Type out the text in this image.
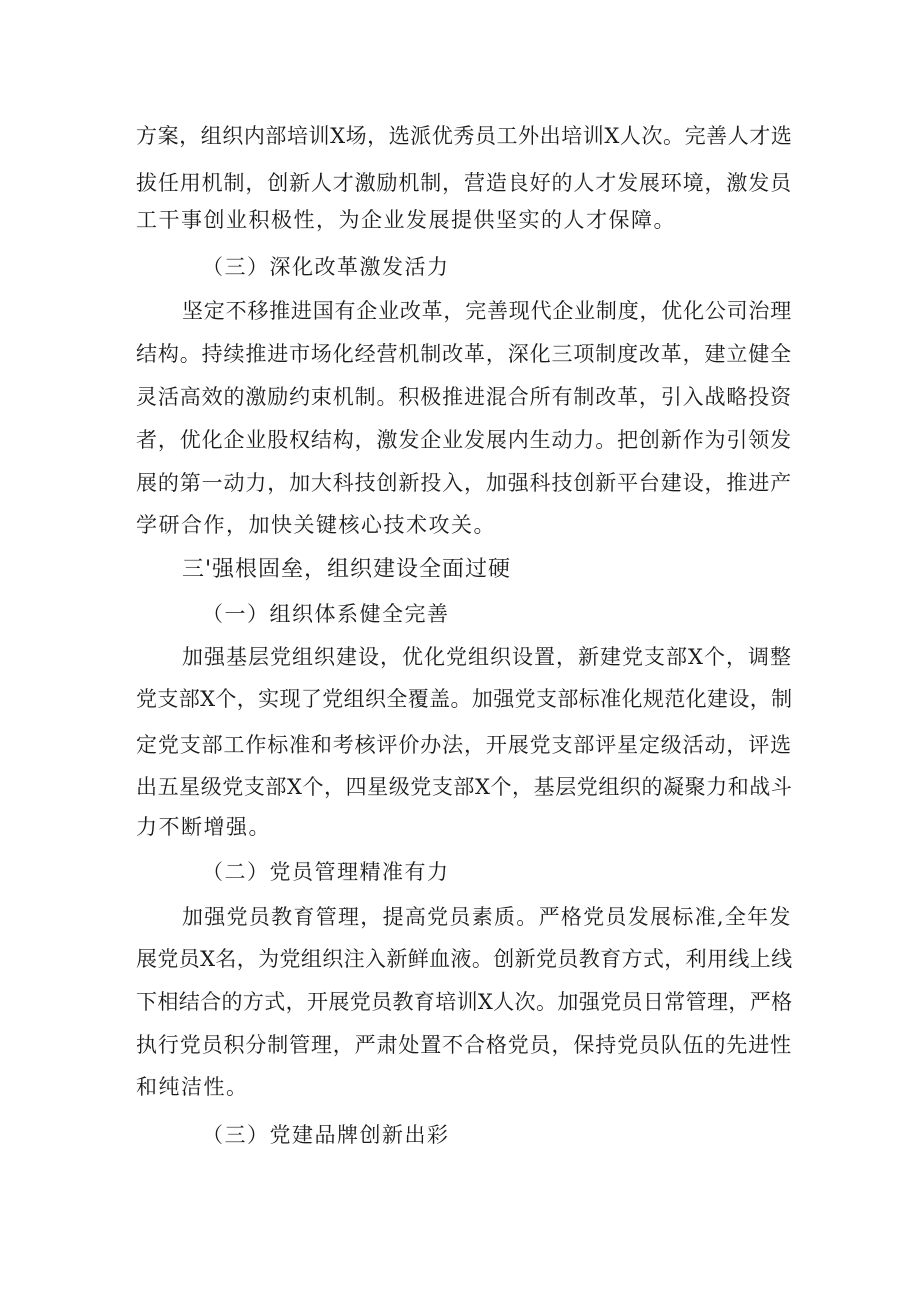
方案，组织内部培训X场，选派优秀员工外出培训X人次。完善人才选
拔任用机制，创新人才激励机制，营造良好的人才发展环境，激发员
工干事创业积极性，为企业发展提供坚实的人才保障。
（三）深化改革激发活力
坚定不移推进国有企业改革，完善现代企业制度，优化公司治理
结构。持续推进市场化经营机制改革，深化三项制度改革，建立健全
灵活高效的激励约束机制。积极推进混合所有制改革，引入战略投资
者，优化企业股权结构，激发企业发展内生动力。把创新作为引领发
展的第一动力，加大科技创新投入，加强科技创新平台建设，推进产
学研合作，加快关键核心技术攻关。
三'强根固垒，组织建设全面过硬
（一）组织体系健全完善
加强基层党组织建设，优化党组织设置，新建党支部X个，调整
党支部X个，实现了党组织全覆盖。加强党支部标准化规范化建设，制
定党支部工作标准和考核评价办法，开展党支部评星定级活动，评选
出五星级党支部X个，四星级党支部X个，基层党组织的凝聚力和战斗
力不断增强。
（二）党员管理精准有力
加强党员教育管理，提高党员素质。严格党员发展标准,全年发
展党员X名，为党组织注入新鲜血液。创新党员教育方式，利用线上线
下相结合的方式，开展党员教育培训X人次。加强党员日常管理，严格
执行党员积分制管理，严肃处置不合格党员，保持党员队伍的先进性
和纯洁性。
（三）党建品牌创新出彩
